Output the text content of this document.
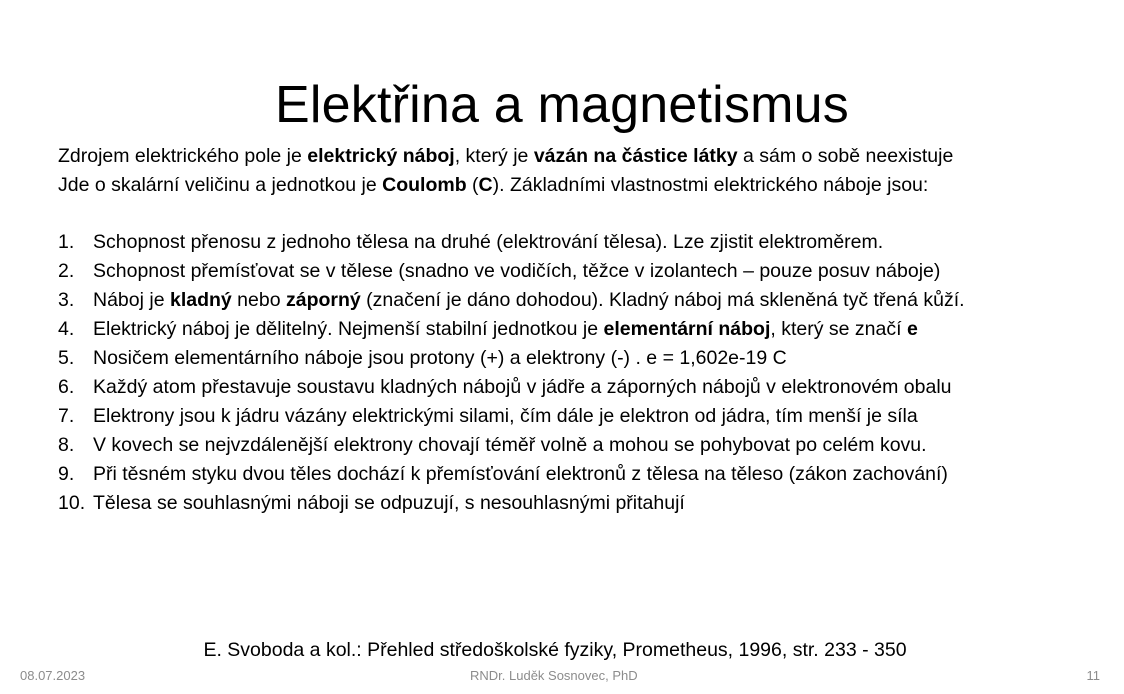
Elektřina a magnetismus

Zdrojem elektrického pole je elektrický náboj, který je vázán na částice látky a sám o sobě neexistuje

Jde o skalární veličinu a jednotkou je Coulomb (C). Základními vlastnostmi elektrického náboje jsou:

1. Schopnost přenosu z jednoho tělesa na druhé (elektrování tělesa). Lze zjistit elektroměrem.
2. Schopnost přemísťovat se v tělese (snadno ve vodičích, těžce v izolantech – pouze posuv náboje)
3. Náboj je kladný nebo záporný (značení je dáno dohodou). Kladný náboj má skleněná tyč třená kůží.
4. Elektrický náboj je dělitelný. Nejmenší stabilní jednotkou je elementární náboj, který se značí e
5. Nosičem elementárního náboje jsou protony (+) a elektrony (-) . e = 1,602e-19 C
6. Každý atom přestavuje soustavu kladných nábojů v jádře a záporných nábojů v elektronovém obalu
7. Elektrony jsou k jádru vázány elektrickými silami, čím dále je elektron od jádra, tím menší je síla
8. V kovech se nejvzdálenější elektrony chovají téměř volně a mohou se pohybovat po celém kovu.
9. Při těsném styku dvou těles dochází k přemísťování elektronů z tělesa na těleso (zákon zachování)
10. Tělesa se souhlasnými náboji se odpuzují, s nesouhlasnými přitahují
E. Svoboda a kol.: Přehled středoškolské fyziky, Prometheus, 1996, str. 233 - 350
08.07.2023	RNDr. Luděk Sosnovec, PhD	11
